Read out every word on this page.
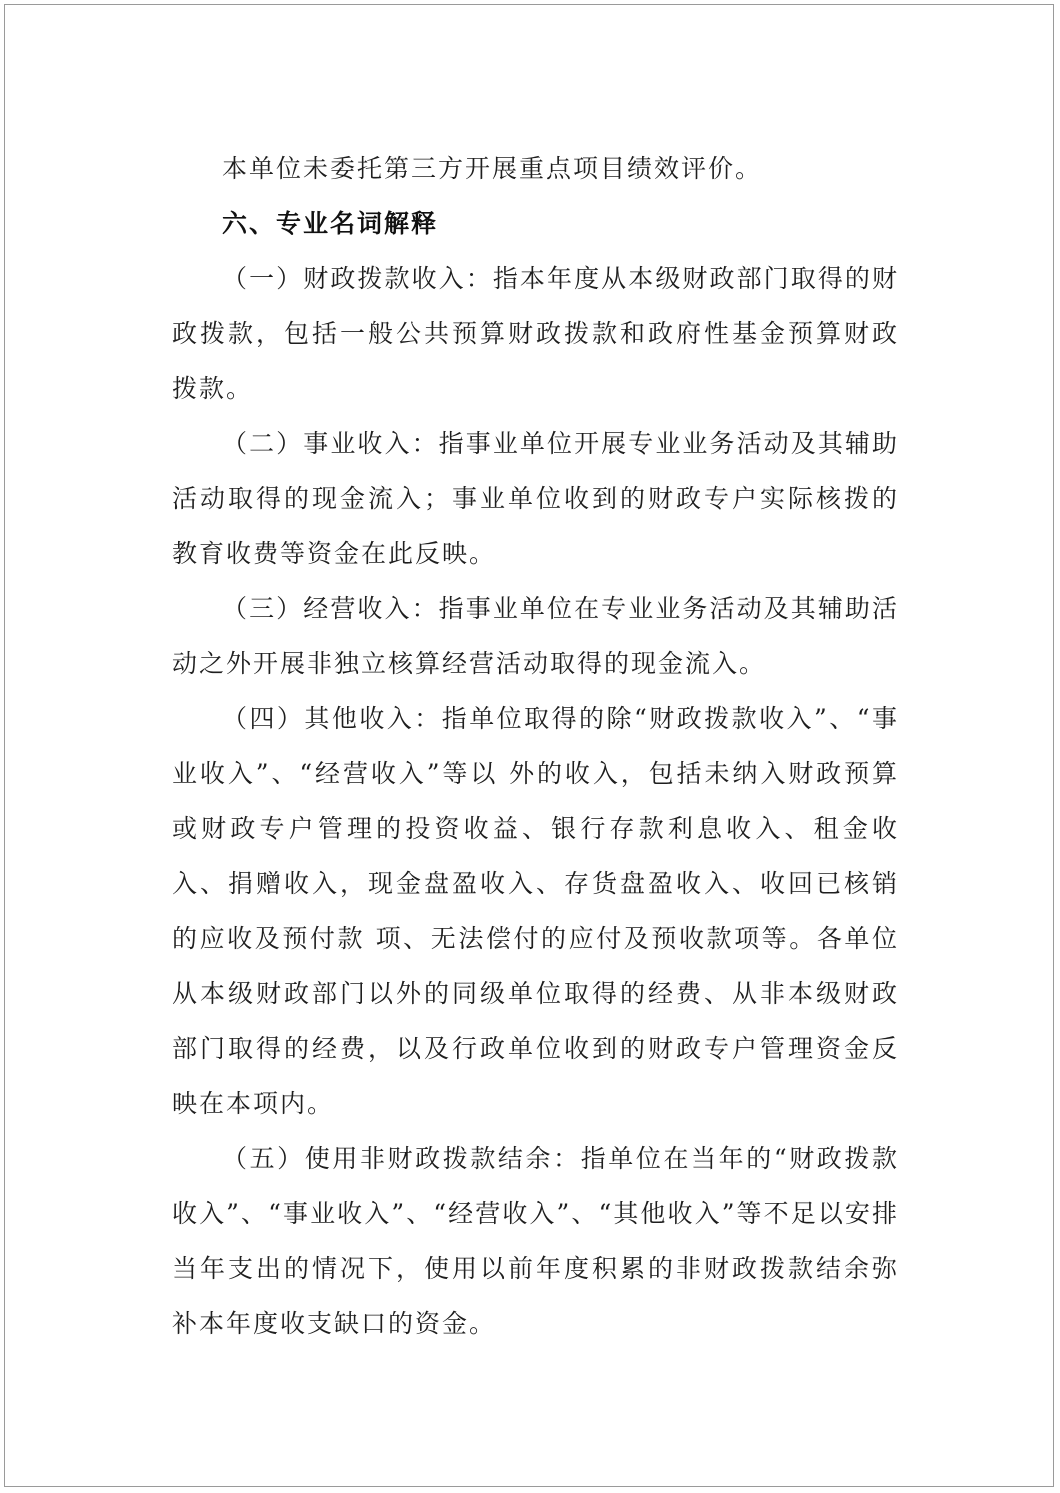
本单位未委托第三方开展重点项目绩效评价。

六、专业名词解释

（一）财政拨款收入：指本年度从本级财政部门取得的财政拨款，包括一般公共预算财政拨款和政府性基金预算财政拨款。

（二）事业收入：指事业单位开展专业业务活动及其辅助活动取得的现金流入；事业单位收到的财政专户实际核拨的教育收费等资金在此反映。

（三）经营收入：指事业单位在专业业务活动及其辅助活动之外开展非独立核算经营活动取得的现金流入。

（四）其他收入：指单位取得的除“财政拨款收入”、“事业收入”、“经营收入”等以 外的收入，包括未纳入财政预算或财政专户管理的投资收益、银行存款利息收入、租金收入、捐赠收入，现金盘盈收入、存货盘盈收入、收回已核销的应收及预付款 项、无法偿付的应付及预收款项等。各单位从本级财政部门以外的同级单位取得的经费、从非本级财政部门取得的经费，以及行政单位收到的财政专户管理资金反映在本项内。

（五）使用非财政拨款结余：指单位在当年的“财政拨款收入”、“事业收入”、“经营收入”、“其他收入”等不足以安排当年支出的情况下，使用以前年度积累的非财政拨款结余弥补本年度收支缺口的资金。
